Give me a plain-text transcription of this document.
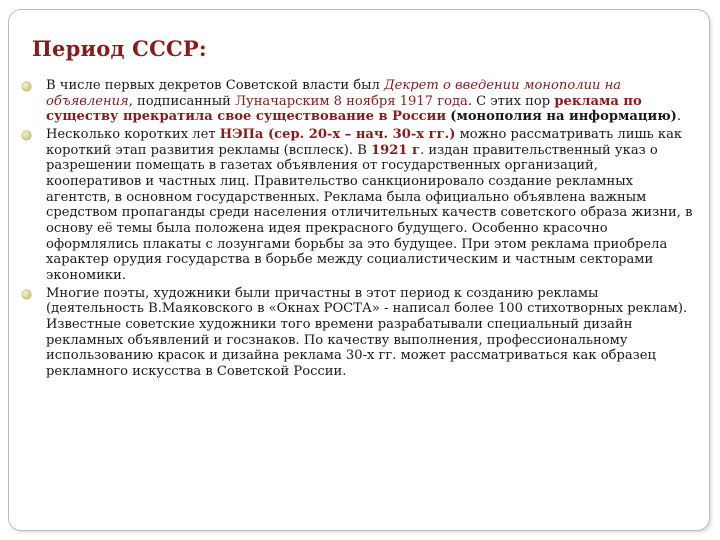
Период СССР:
В числе первых декретов Советской власти был Декрет о введении монополии на объявления, подписанный Луначарским 8 ноября 1917 года. С этих пор реклама по существу прекратила свое существование в России (монополия на информацию).
Несколько коротких лет НЭПа (сер. 20-х – нач. 30-х гг.) можно рассматривать лишь как короткий этап развития рекламы (всплеск). В 1921 г. издан правительственный указ о разрешении помещать в газетах объявления от государственных организаций, кооперативов и частных лиц. Правительство санкционировало создание рекламных агентств, в основном государственных. Реклама была официально объявлена важным средством пропаганды среди населения отличительных качеств советского образа жизни, в основу её темы была положена идея прекрасного будущего. Особенно красочно оформлялись плакаты с лозунгами борьбы за это будущее. При этом реклама приобрела характер орудия государства в борьбе между социалистическим и частным секторами экономики.
Многие поэты, художники были причастны в этот период к созданию рекламы (деятельность В.Маяковского в «Окнах РОСТА» - написал более 100 стихотворных реклам). Известные советские художники того времени разрабатывали специальный дизайн рекламных объявлений и госзнаков. По качеству выполнения, профессиональному использованию красок и дизайна реклама 30-х гг. может рассматриваться как образец рекламного искусства в Советской России.
